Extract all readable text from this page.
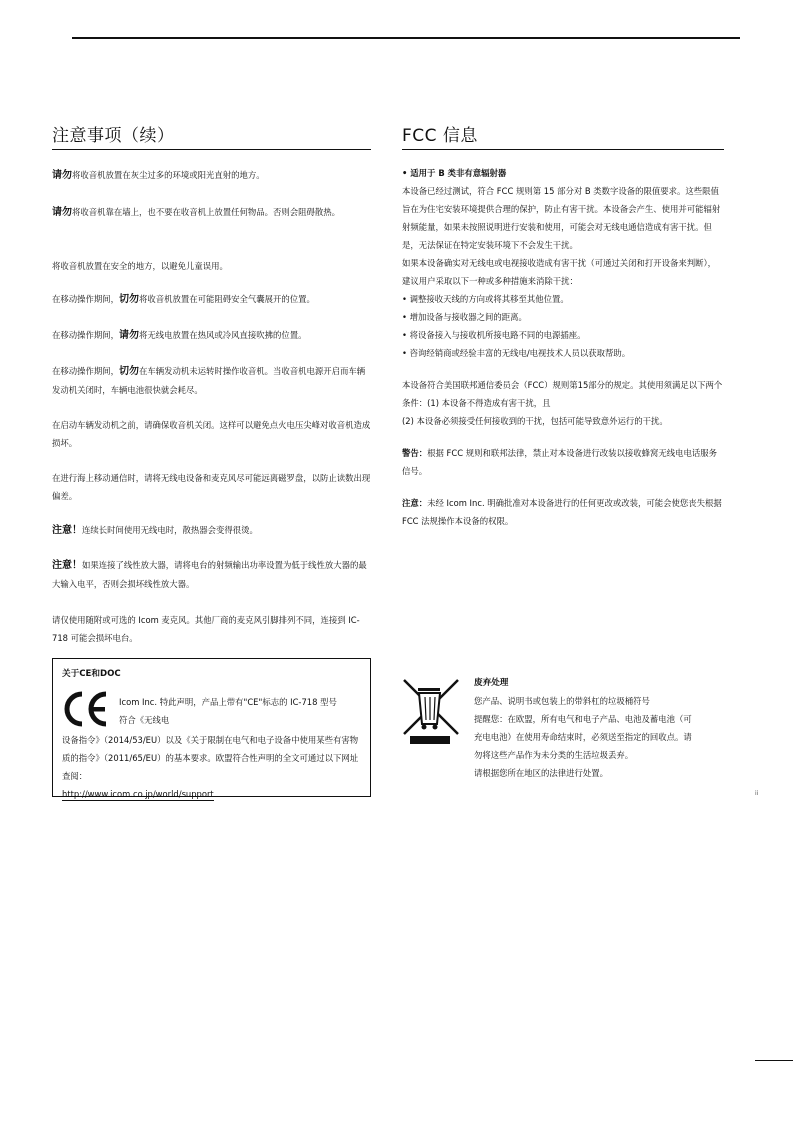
注意事项（续）
请勿将收音机放置在灰尘过多的环境或阳光直射的地方。
请勿将收音机靠在墙上，也不要在收音机上放置任何物品。否则会阻碍散热。
将收音机放置在安全的地方，以避免儿童误用。
在移动操作期间，切勿将收音机放置在可能阻碍安全气囊展开的位置。
在移动操作期间，请勿将无线电放置在热风或冷风直接吹拂的位置。
在移动操作期间，切勿在车辆发动机未运转时操作收音机。当收音机电源开启而车辆发动机关闭时，车辆电池很快就会耗尽。
在启动车辆发动机之前，请确保收音机关闭。这样可以避免点火电压尖峰对收音机造成损坏。
在进行海上移动通信时，请将无线电设备和麦克风尽可能远离磁罗盘，以防止读数出现偏差。
注意！连续长时间使用无线电时，散热器会变得很烫。
注意！如果连接了线性放大器，请将电台的射频输出功率设置为低于线性放大器的最大输入电平，否则会损坏线性放大器。
请仅使用随附或可选的 Icom 麦克风。其他厂商的麦克风引脚排列不同，连接到 IC-718 可能会损坏电台。
关于CE和DOC
Icom Inc. 特此声明，产品上带有"CE"标志的 IC-718 型号
符合《无线电
设备指令》（2014/53/EU）以及《关于限制在电气和电子设备中使用某些有害物质的指令》（2011/65/EU）的基本要求。欧盟符合性声明的全文可通过以下网址查阅：
http://www.icom.co.jp/world/support
FCC 信息
• 适用于 B 类非有意辐射器
本设备已经过测试，符合 FCC 规则第 15 部分对 B 类数字设备的限值要求。这些限值旨在为住宅安装环境提供合理的保护，防止有害干扰。本设备会产生、使用并可能辐射射频能量，如果未按照说明进行安装和使用，可能会对无线电通信造成有害干扰。但是，无法保证在特定安装环境下不会发生干扰。
如果本设备确实对无线电或电视接收造成有害干扰（可通过关闭和打开设备来判断），建议用户采取以下一种或多种措施来消除干扰：
• 调整接收天线的方向或将其移至其他位置。
• 增加设备与接收器之间的距离。
• 将设备接入与接收机所接电路不同的电源插座。
• 咨询经销商或经验丰富的无线电/电视技术人员以获取帮助。
本设备符合美国联邦通信委员会（FCC）规则第15部分的规定。其使用须满足以下两个条件：(1) 本设备不得造成有害干扰，且
(2) 本设备必须接受任何接收到的干扰，包括可能导致意外运行的干扰。
警告：根据 FCC 规则和联邦法律，禁止对本设备进行改装以接收蜂窝无线电电话服务信号。
注意：未经 Icom Inc. 明确批准对本设备进行的任何更改或改装，可能会使您丧失根据 FCC 法规操作本设备的权限。
废弃处理
您产品、说明书或包装上的带斜杠的垃圾桶符号
提醒您：在欧盟，所有电气和电子产品、电池及蓄电池（可
充电电池）在使用寿命结束时，必须送至指定的回收点。请
勿将这些产品作为未分类的生活垃圾丢弃。
请根据您所在地区的法律进行处置。
ii
